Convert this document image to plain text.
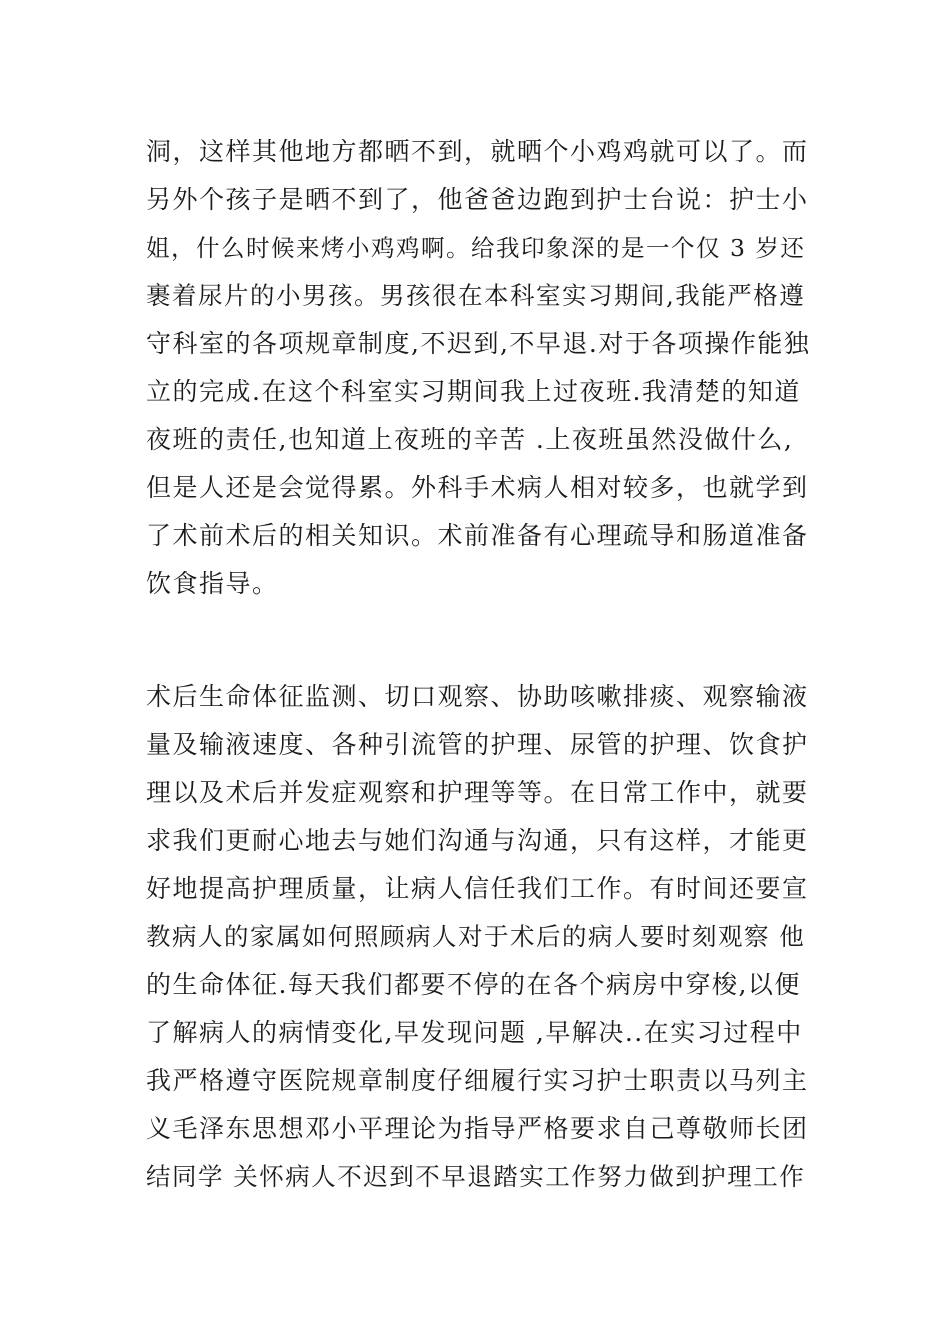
洞，这样其他地方都晒不到，就晒个小鸡鸡就可以了。而
另外个孩子是晒不到了，他爸爸边跑到护士台说：护士小
姐，什么时候来烤小鸡鸡啊。给我印象深的是一个仅 3 岁还
裹着尿片的小男孩。男孩很在本科室实习期间,我能严格遵
守科室的各项规章制度,不迟到,不早退.对于各项操作能独
立的完成.在这个科室实习期间我上过夜班.我清楚的知道
夜班的责任,也知道上夜班的辛苦 .上夜班虽然没做什么,
但是人还是会觉得累。外科手术病人相对较多，也就学到
了术前术后的相关知识。术前准备有心理疏导和肠道准备
饮食指导。
术后生命体征监测、切口观察、协助咳嗽排痰、观察输液
量及输液速度、各种引流管的护理、尿管的护理、饮食护
理以及术后并发症观察和护理等等。在日常工作中，就要
求我们更耐心地去与她们沟通与沟通，只有这样，才能更
好地提高护理质量，让病人信任我们工作。有时间还要宣
教病人的家属如何照顾病人对于术后的病人要时刻观察 他
的生命体征.每天我们都要不停的在各个病房中穿梭,以便
了解病人的病情变化,早发现问题 ,早解决..在实习过程中
我严格遵守医院规章制度仔细履行实习护士职责以马列主
义毛泽东思想邓小平理论为指导严格要求自己尊敬师长团
结同学 关怀病人不迟到不早退踏实工作努力做到护理工作
